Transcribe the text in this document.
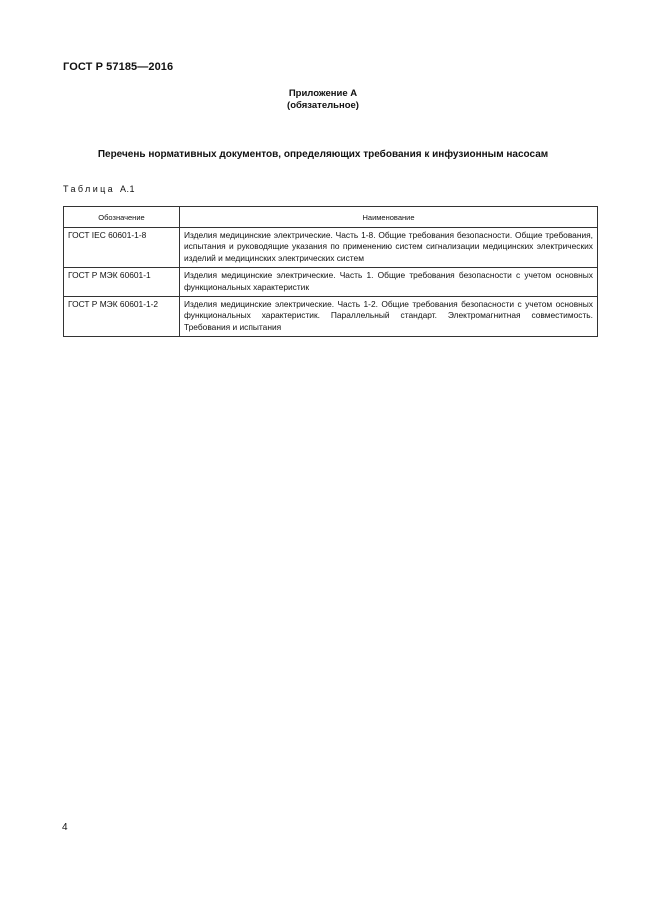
ГОСТ Р 57185—2016
Приложение А
(обязательное)
Перечень нормативных документов, определяющих требования к инфузионным насосам
Таблица А.1
Обозначение	Наименование
ГОСТ IEC 60601-1-8	Изделия медицинские электрические. Часть 1-8. Общие требования безопасности. Общие требования, испытания и руководящие указания по применению систем сигнализации медицинских электрических изделий и медицинских электрических систем
ГОСТ Р МЭК 60601-1	Изделия медицинские электрические. Часть 1. Общие требования безопасности с учетом основных функциональных характеристик
ГОСТ Р МЭК 60601-1-2	Изделия медицинские электрические. Часть 1-2. Общие требования безопасности с учетом основных функциональных характеристик. Параллельный стандарт. Электромагнитная совместимость. Требования и испытания
4
